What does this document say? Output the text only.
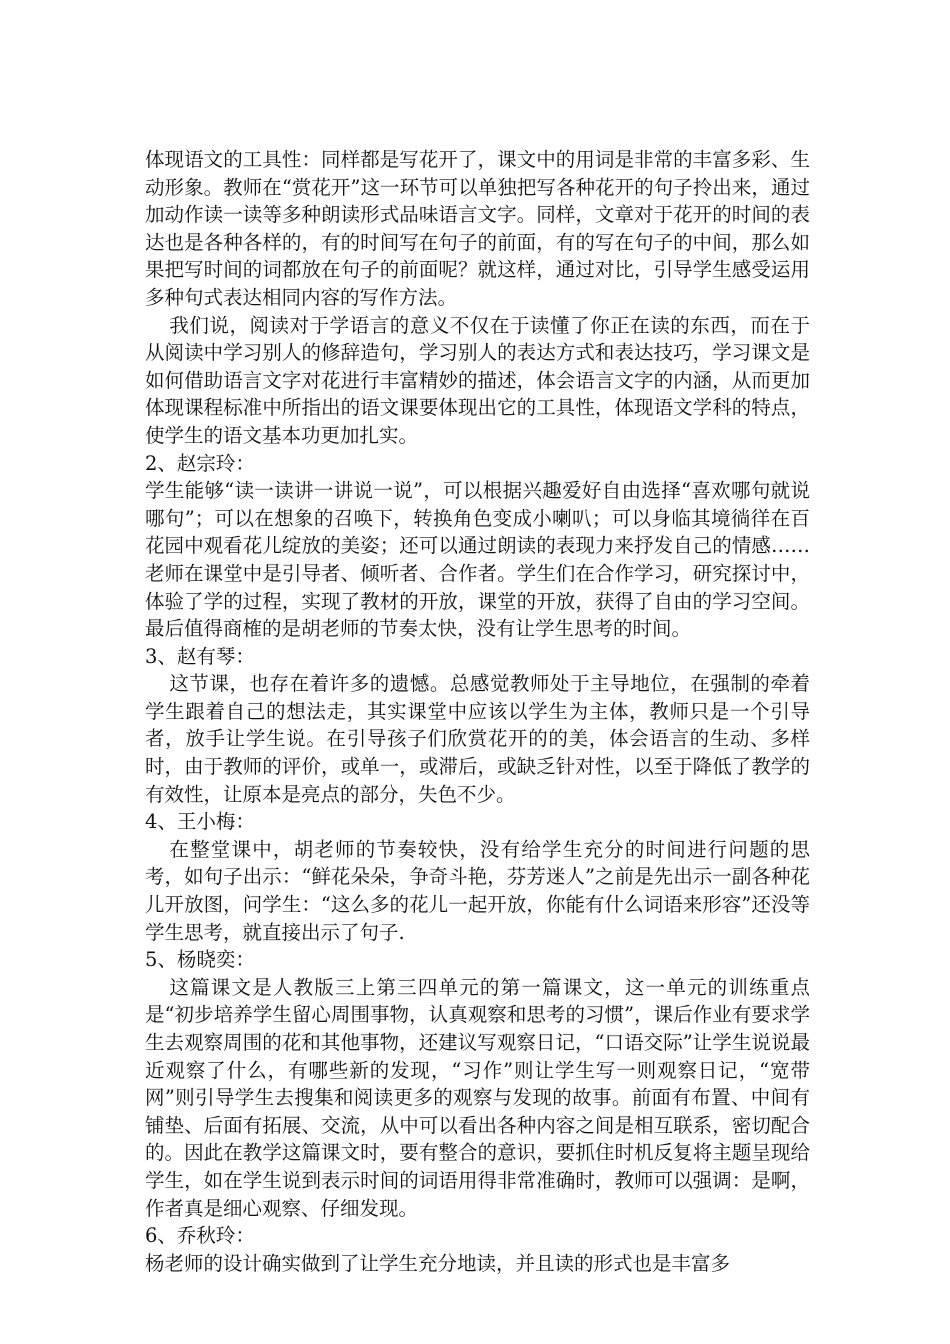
体现语文的工具性：同样都是写花开了，课文中的用词是非常的丰富多彩、生动形象。教师在“赏花开”这一环节可以单独把写各种花开的句子拎出来，通过加动作读一读等多种朗读形式品味语言文字。同样，文章对于花开的时间的表达也是各种各样的，有的时间写在句子的前面，有的写在句子的中间，那么如果把写时间的词都放在句子的前面呢？就这样，通过对比，引导学生感受运用多种句式表达相同内容的写作方法。

我们说，阅读对于学语言的意义不仅在于读懂了你正在读的东西，而在于从阅读中学习别人的修辞造句，学习别人的表达方式和表达技巧，学习课文是如何借助语言文字对花进行丰富精妙的描述，体会语言文字的内涵，从而更加体现课程标准中所指出的语文课要体现出它的工具性，体现语文学科的特点，使学生的语文基本功更加扎实。

2、赵宗玲：

学生能够“读一读讲一讲说一说”，可以根据兴趣爱好自由选择“喜欢哪句就说哪句”；可以在想象的召唤下，转换角色变成小喇叭；可以身临其境徜徉在百花园中观看花儿绽放的美姿；还可以通过朗读的表现力来抒发自己的情感……老师在课堂中是引导者、倾听者、合作者。学生们在合作学习，研究探讨中，体验了学的过程，实现了教材的开放，课堂的开放，获得了自由的学习空间。最后值得商榷的是胡老师的节奏太快，没有让学生思考的时间。

3、赵有琴：

这节课，也存在着许多的遗憾。总感觉教师处于主导地位，在强制的牵着学生跟着自己的想法走，其实课堂中应该以学生为主体，教师只是一个引导者，放手让学生说。在引导孩子们欣赏花开的的美，体会语言的生动、多样时，由于教师的评价，或单一，或滞后，或缺乏针对性，以至于降低了教学的有效性，让原本是亮点的部分，失色不少。

4、王小梅：

在整堂课中，胡老师的节奏较快，没有给学生充分的时间进行问题的思考，如句子出示：“鲜花朵朵，争奇斗艳，芬芳迷人”之前是先出示一副各种花儿开放图，问学生：“这么多的花儿一起开放，你能有什么词语来形容”还没等学生思考，就直接出示了句子.

5、杨晓奕：

这篇课文是人教版三上第三四单元的第一篇课文，这一单元的训练重点是“初步培养学生留心周围事物，认真观察和思考的习惯”，课后作业有要求学生去观察周围的花和其他事物，还建议写观察日记，“口语交际”让学生说说最近观察了什么，有哪些新的发现，“习作”则让学生写一则观察日记，“宽带网”则引导学生去搜集和阅读更多的观察与发现的故事。前面有布置、中间有铺垫、后面有拓展、交流，从中可以看出各种内容之间是相互联系，密切配合的。因此在教学这篇课文时，要有整合的意识，要抓住时机反复将主题呈现给学生，如在学生说到表示时间的词语用得非常准确时，教师可以强调：是啊，作者真是细心观察、仔细发现。

6、乔秋玲：

杨老师的设计确实做到了让学生充分地读，并且读的形式也是丰富多
